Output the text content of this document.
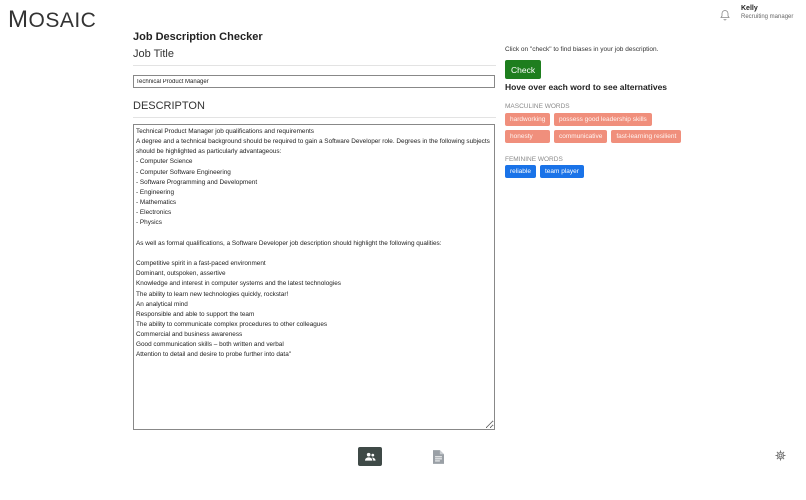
MOSAIC
Kelly
Recruiting manager
Job Description Checker
Job Title
Technical Product Manager
DESCRIPTON
Technical Product Manager job qualifications and requirements A degree and a technical background should be required to gain a Software Developer role. Degrees in the following subjects should be highlighted as particularly advantageous: - Computer Science - Computer Software Engineering - Software Programming and Development - Engineering - Mathematics - Electronics - Physics As well as formal qualifications, a Software Developer job description should highlight the following qualities: Competitive spirit in a fast-paced environment Dominant, outspoken, assertive Knowledge and interest in computer systems and the latest technologies The ability to learn new technologies quickly, rockstar! An analytical mind Responsible and able to support the team The ability to communicate complex procedures to other colleagues Commercial and business awareness Good communication skills – both written and verbal Attention to detail and desire to probe further into data"
Click on "check" to find biases in your job description.
Check
Hove over each word to see alternatives
MASCULINE WORDS
hardworking	possess good leadership skills
honesty	communicative	fast-learning resilient
FEMININE WORDS
reliable	team player
